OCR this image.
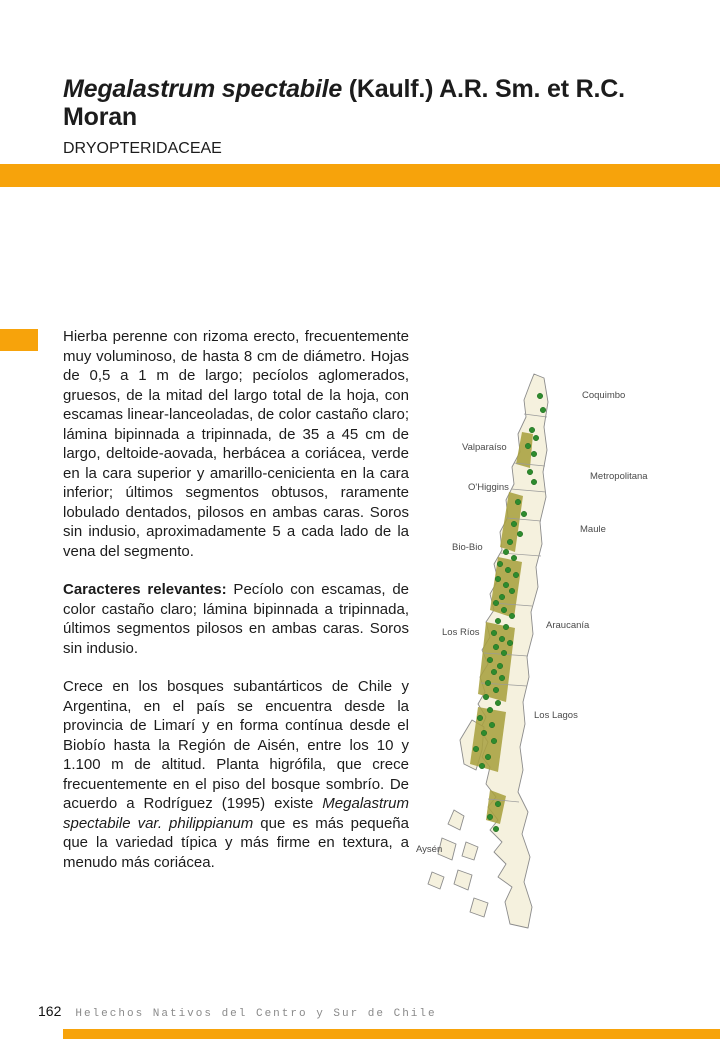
Megalastrum spectabile (Kaulf.) A.R. Sm. et R.C. Moran
DRYOPTERIDACEAE

Hierba perenne con rizoma erecto, frecuentemente muy voluminoso, de hasta 8 cm de diámetro. Hojas de 0,5 a 1 m de largo; pecíolos aglomerados, gruesos, de la mitad del largo total de la hoja, con escamas linear-lanceoladas, de color castaño claro; lámina bipinnada a tripinnada, de 35 a 45 cm de largo, deltoide-aovada, herbácea a coriácea, verde en la cara superior y amarillo-cenicienta en la cara inferior; últimos segmentos obtusos, raramente lobulado dentados, pilosos en ambas caras. Soros sin indusio, aproximadamente 5 a cada lado de la vena del segmento.

Caracteres relevantes: Pecíolo con escamas, de color castaño claro; lámina bipinnada a tripinnada, últimos segmentos pilosos en ambas caras. Soros sin indusio.

Crece en los bosques subantárticos de Chile y Argentina, en el país se encuentra desde la provincia de Limarí y en forma contínua desde el Biobío hasta la Región de Aisén, entre los 10 y 1.100 m de altitud. Planta higrófila, que crece frecuentemente en el piso del bosque sombrío. De acuerdo a Rodríguez (1995) existe Megalastrum spectabile var. philippianum que es más pequeña que la variedad típica y más firme en textura, a menudo más coriácea.

Coquimbo
Valparaíso
Metropolitana
O'Higgins
Maule
Bio-Bio
Araucanía
Los Ríos
Los Lagos
Aysén
162 Helechos Nativos del Centro y Sur de Chile
